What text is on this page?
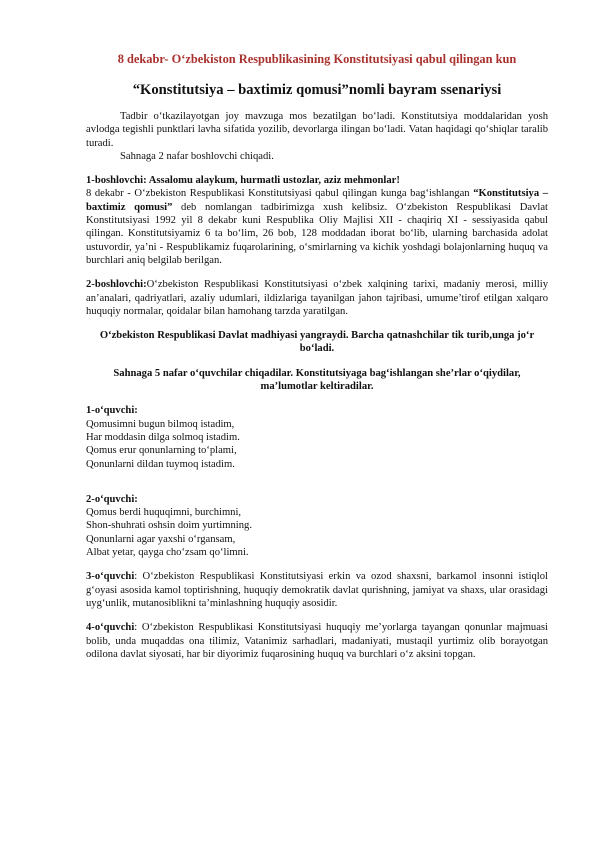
8 dekabr- O‘zbekiston Respublikasining Konstitutsiyasi qabul qilingan kun
“Konstitutsiya – baxtimiz qomusi”nomli bayram ssenariysi

Tadbir o‘tkazilayotgan joy mavzuga mos bezatilgan bo‘ladi. Konstitutsiya moddalaridan yosh avlodga tegishli punktlari lavha sifatida yozilib, devorlarga ilingan bo‘ladi. Vatan haqidagi qo‘shiqlar taralib turadi.

Sahnaga 2 nafar boshlovchi chiqadi.

1-boshlovchi: Assalomu alaykum, hurmatli ustozlar, aziz mehmonlar!

8 dekabr - O‘zbekiston Respublikasi Konstitutsiyasi qabul qilingan kunga bag‘ishlangan “Konstitutsiya – baxtimiz qomusi” deb nomlangan tadbirimizga xush kelibsiz. O‘zbekiston Respublikasi Davlat Konstitutsiyasi 1992 yil 8 dekabr kuni Respublika Oliy Majlisi XII - chaqiriq XI - sessiyasida qabul qilingan. Konstitutsiyamiz 6 ta bo‘lim, 26 bob, 128 moddadan iborat bo‘lib, ularning barchasida adolat ustuvordir, ya’ni - Respublikamiz fuqarolarining, o‘smirlarning va kichik yoshdagi bolajonlarning huquq va burchlari aniq belgilab berilgan.

2-boshlovchi:O‘zbekiston Respublikasi Konstitutsiyasi o‘zbek xalqining tarixi, madaniy merosi, milliy an’analari, qadriyatlari, azaliy udumlari, ildizlariga tayanilgan jahon tajribasi, umume’tirof etilgan xalqaro huquqiy normalar, qoidalar bilan hamohang tarzda yaratilgan.

O‘zbekiston Respublikasi Davlat madhiyasi yangraydi. Barcha qatnashchilar tik turib,unga jo‘r bo‘ladi.

Sahnaga 5 nafar o‘quvchilar chiqadilar. Konstitutsiyaga bag‘ishlangan she’rlar o‘qiydilar, ma’lumotlar keltiradilar.

1-o‘quvchi:

Qomusimni bugun bilmoq istadim,

Har moddasin dilga solmoq istadim.

Qomus erur qonunlarning to‘plami,

Qonunlarni dildan tuymoq istadim.

2-o‘quvchi:

Qomus berdi huquqimni, burchimni,

Shon-shuhrati oshsin doim yurtimning.

Qonunlarni agar yaxshi o‘rgansam,

Albat yetar, qayga cho‘zsam qo‘limni.

3-o‘quvchi: O‘zbekiston Respublikasi Konstitutsiyasi erkin va ozod shaxsni, barkamol insonni istiqlol g‘oyasi asosida kamol toptirishning, huquqiy demokratik davlat qurishning, jamiyat va shaxs, ular orasidagi uyg‘unlik, mutanosiblikni ta’minlashning huquqiy asosidir.

4-o‘quvchi: O‘zbekiston Respublikasi Konstitutsiyasi huquqiy me’yorlarga tayangan qonunlar majmuasi bolib, unda muqaddas ona tilimiz, Vatanimiz sarhadlari, madaniyati, mustaqil yurtimiz olib borayotgan odilona davlat siyosati, har bir diyorimiz fuqarosining huquq va burchlari o‘z aksini topgan.
